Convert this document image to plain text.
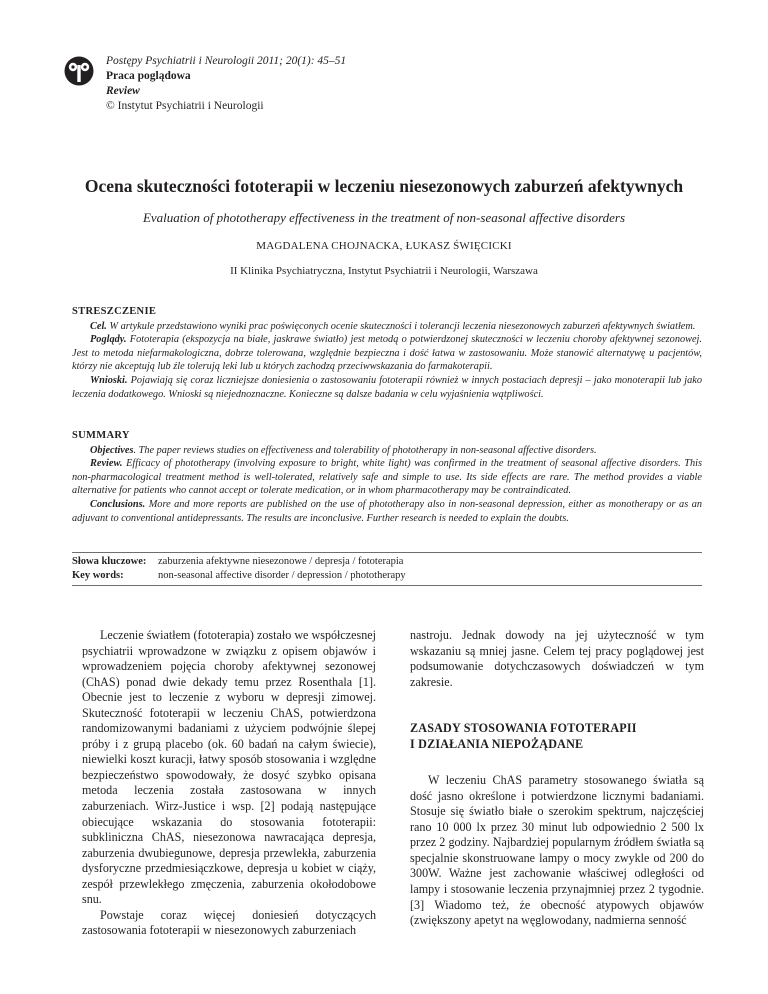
Postępy Psychiatrii i Neurologii 2011; 20(1): 45–51
Praca poglądowa
Review
© Instytut Psychiatrii i Neurologii
Ocena skuteczności fototerapii w leczeniu niesezonowych zaburzeń afektywnych

Evaluation of phototherapy effectiveness in the treatment of non-seasonal affective disorders

MAGDALENA CHOJNACKA, ŁUKASZ ŚWIĘCICKI

II Klinika Psychiatryczna, Instytut Psychiatrii i Neurologii, Warszawa

STRESZCZENIE

Cel. W artykule przedstawiono wyniki prac poświęconych ocenie skuteczności i tolerancji leczenia niesezonowych zaburzeń afektywnych światłem.

Poglądy. Fototerapia (ekspozycja na białe, jaskrawe światło) jest metodą o potwierdzonej skuteczności w leczeniu choroby afektywnej sezonowej. Jest to metoda niefarmakologiczna, dobrze tolerowana, względnie bezpieczna i dość łatwa w zastosowaniu. Może stanowić alternatywę u pacjentów, którzy nie akceptują lub źle tolerują leki lub u których zachodzą przeciwwskazania do farmakoterapii.

Wnioski. Pojawiają się coraz liczniejsze doniesienia o zastosowaniu fototerapii również w innych postaciach depresji – jako monoterapii lub jako leczenia dodatkowego. Wnioski są niejednoznaczne. Konieczne są dalsze badania w celu wyjaśnienia wątpliwości.

SUMMARY

Objectives. The paper reviews studies on effectiveness and tolerability of phototherapy in non-seasonal affective disorders.

Review. Efficacy of phototherapy (involving exposure to bright, white light) was confirmed in the treatment of seasonal affective disorders. This non-pharmacological treatment method is well-tolerated, relatively safe and simple to use. Its side effects are rare. The method provides a viable alternative for patients who cannot accept or tolerate medication, or in whom pharmacotherapy may be contraindicated.

Conclusions. More and more reports are published on the use of phototherapy also in non-seasonal depression, either as monotherapy or as an adjuvant to conventional antidepressants. The results are inconclusive. Further research is needed to explain the doubts.

Słowa kluczowe:	zaburzenia afektywne niesezonowe / depresja / fototerapia
Key words:	non-seasonal affective disorder / depression / phototherapy

Leczenie światłem (fototerapia) zostało we współczesnej psychiatrii wprowadzone w związku z opisem objawów i wprowadzeniem pojęcia choroby afektywnej sezonowej (ChAS) ponad dwie dekady temu przez Rosenthala [1]. Obecnie jest to leczenie z wyboru w depresji zimowej. Skuteczność fototerapii w leczeniu ChAS, potwierdzona randomizowanymi badaniami z użyciem podwójnie ślepej próby i z grupą placebo (ok. 60 badań na całym świecie), niewielki koszt kuracji, łatwy sposób stosowania i względne bezpieczeństwo spowodowały, że dosyć szybko opisana metoda leczenia została zastosowana w innych zaburzeniach. Wirz-Justice i wsp. [2] podają następujące obiecujące wskazania do stosowania fototerapii: subkliniczna ChAS, niesezonowa nawracająca depresja, zaburzenia dwubiegunowe, depresja przewlekła, zaburzenia dysforyczne przedmiesiączkowe, depresja u kobiet w ciąży, zespół przewlekłego zmęczenia, zaburzenia okołodobowe snu.

Powstaje coraz więcej doniesień dotyczących zastosowania fototerapii w niesezonowych zaburzeniach

nastroju. Jednak dowody na jej użyteczność w tym wskazaniu są mniej jasne. Celem tej pracy poglądowej jest podsumowanie dotychczasowych doświadczeń w tym zakresie.

ZASADY STOSOWANIA FOTOTERAPII
I DZIAŁANIA NIEPOŻĄDANE

W leczeniu ChAS parametry stosowanego światła są dość jasno określone i potwierdzone licznymi badaniami. Stosuje się światło białe o szerokim spektrum, najczęściej rano 10 000 lx przez 30 minut lub odpowiednio 2 500 lx przez 2 godziny. Najbardziej popularnym źródłem światła są specjalnie skonstruowane lampy o mocy zwykle od 200 do 300W. Ważne jest zachowanie właściwej odległości od lampy i stosowanie leczenia przynajmniej przez 2 tygodnie. [3] Wiadomo też, że obecność atypowych objawów (zwiększony apetyt na węglowodany, nadmierna senność
